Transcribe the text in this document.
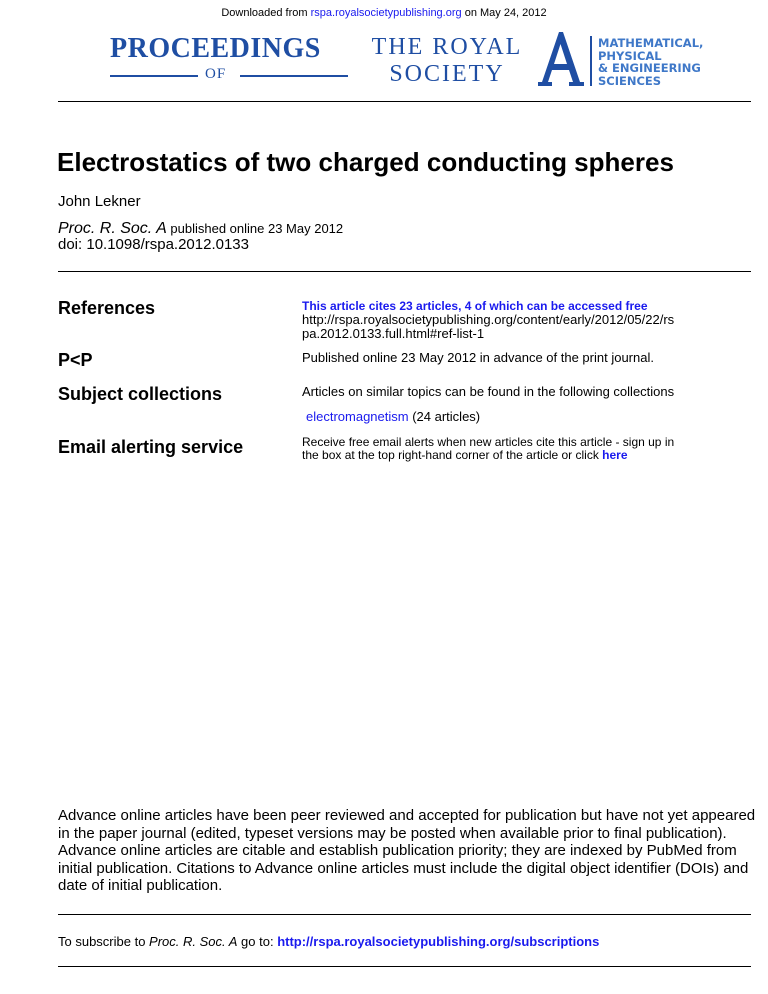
Downloaded from rspa.royalsocietypublishing.org on May 24, 2012
PROCEEDINGS
OF
THE ROYAL
SOCIETY
MATHEMATICAL,
PHYSICAL
& ENGINEERING
SCIENCES
Electrostatics of two charged conducting spheres
John Lekner
Proc. R. Soc. A published online 23 May 2012
doi: 10.1098/rspa.2012.0133
References	This article cites 23 articles, 4 of which can be accessed free
http://rspa.royalsocietypublishing.org/content/early/2012/05/22/rs
pa.2012.0133.full.html#ref-list-1
P<P	Published online 23 May 2012 in advance of the print journal.
Subject collections	Articles on similar topics can be found in the following collections
electromagnetism (24 articles)
Email alerting service	Receive free email alerts when new articles cite this article - sign up in
the box at the top right-hand corner of the article or click here
Advance online articles have been peer reviewed and accepted for publication but have not yet appeared in the paper journal (edited, typeset versions may be posted when available prior to final publication). Advance online articles are citable and establish publication priority; they are indexed by PubMed from initial publication. Citations to Advance online articles must include the digital object identifier (DOIs) and date of initial publication.
To subscribe to Proc. R. Soc. A go to: http://rspa.royalsocietypublishing.org/subscriptions
